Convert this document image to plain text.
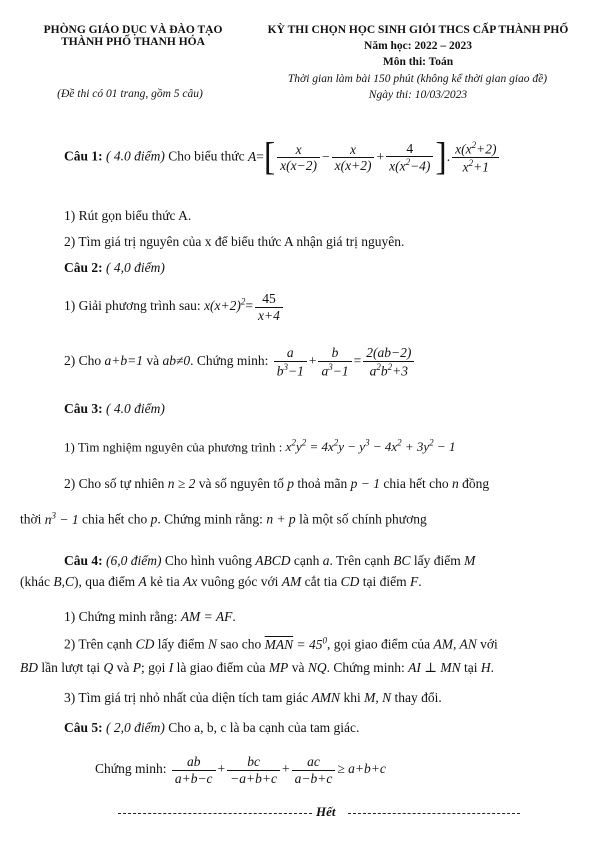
PHÒNG GIÁO DỤC VÀ ĐÀO TẠO
THÀNH PHỐ THANH HÓA
KỲ THI CHỌN HỌC SINH GIỎI THCS CẤP THÀNH PHỐ
Năm học: 2022 – 2023
Môn thi: Toán
(Đề thi có 01 trang, gồm 5 câu)
Thời gian làm bài 150 phút (không kể thời gian giao đề)
Ngày thi: 10/03/2023
Câu 1: ( 4.0 điểm) Cho biểu thức $A=[ \frac{x}{x(x-2)} - \frac{x}{x(x+2)} + \frac{4}{x(x^2-4)}$ ]. $\frac{x(x^2+2)}{x^2+1}$
1) Rút gọn biểu thức A.
2) Tìm giá trị nguyên của x để biểu thức A nhận giá trị nguyên.
Câu 2: ( 4,0 điểm)
1) Giải phương trình sau: $x(x+2)^2= \frac{45}{x+4}$
2) Cho a+b=1 và ab≠0. Chứng minh: $\frac{a}{b^3-1} + \frac{b}{a^3-1} = \frac{2(ab-2)}{a^2b^2+3}$
Câu 3: ( 4.0 điểm)
1) Tìm nghiệm nguyên của phương trình : $x^2y^2 = 4x^2y - y^3 - 4x^2 + 3y^2 - 1$
2) Cho số tự nhiên n ≥ 2 và số nguyên tố p thoả mãn p − 1 chia hết cho n đồng
thời $n^3 - 1$ chia hết cho p. Chứng minh rằng: n + p là một số chính phương
Câu 4: (6,0 điểm) Cho hình vuông ABCD cạnh a. Trên cạnh BC lấy điểm M
(khác B,C), qua điểm A kẻ tia Ax vuông góc với AM cắt tia CD tại điểm F.
1) Chứng minh rằng: AM = AF.
2) Trên cạnh CD lấy điểm N sao cho $\overline{MAN} = 45^0$, gọi giao điểm của AM, AN với
BD lần lượt tại Q và P; gọi I là giao điểm của MP và NQ. Chứng minh: AI ⊥ MN tại H.
3) Tìm giá trị nhỏ nhất của diện tích tam giác AMN khi M, N thay đổi.
Câu 5: ( 2,0 điểm) Cho a, b, c là ba cạnh của tam giác.
Chứng minh: $\frac{ab}{a+b-c} + \frac{bc}{-a+b+c} + \frac{ac}{a-b+c} \ge a+b+c$
Hết
